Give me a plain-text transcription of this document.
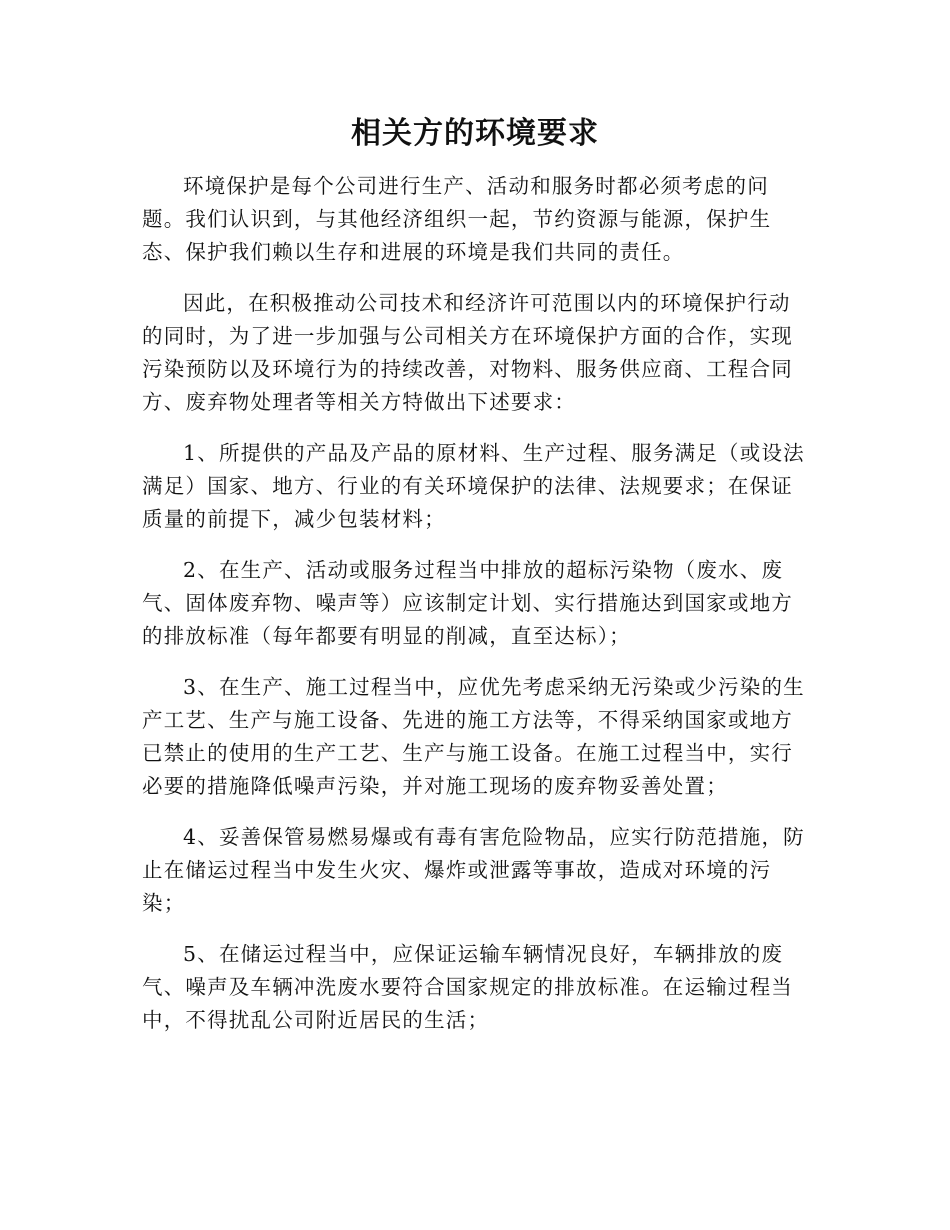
相关方的环境要求

环境保护是每个公司进行生产、活动和服务时都必须考虑的问题。我们认识到，与其他经济组织一起，节约资源与能源，保护生态、保护我们赖以生存和进展的环境是我们共同的责任。

因此，在积极推动公司技术和经济许可范围以内的环境保护行动的同时，为了进一步加强与公司相关方在环境保护方面的合作，实现污染预防以及环境行为的持续改善，对物料、服务供应商、工程合同方、废弃物处理者等相关方特做出下述要求：

1、所提供的产品及产品的原材料、生产过程、服务满足（或设法满足）国家、地方、行业的有关环境保护的法律、法规要求；在保证质量的前提下，减少包装材料；

2、在生产、活动或服务过程当中排放的超标污染物（废水、废气、固体废弃物、噪声等）应该制定计划、实行措施达到国家或地方的排放标准（每年都要有明显的削减，直至达标）；

3、在生产、施工过程当中，应优先考虑采纳无污染或少污染的生产工艺、生产与施工设备、先进的施工方法等，不得采纳国家或地方已禁止的使用的生产工艺、生产与施工设备。在施工过程当中，实行必要的措施降低噪声污染，并对施工现场的废弃物妥善处置；

4、妥善保管易燃易爆或有毒有害危险物品，应实行防范措施，防止在储运过程当中发生火灾、爆炸或泄露等事故，造成对环境的污染；

5、在储运过程当中，应保证运输车辆情况良好，车辆排放的废气、噪声及车辆冲洗废水要符合国家规定的排放标准。在运输过程当中，不得扰乱公司附近居民的生活；
